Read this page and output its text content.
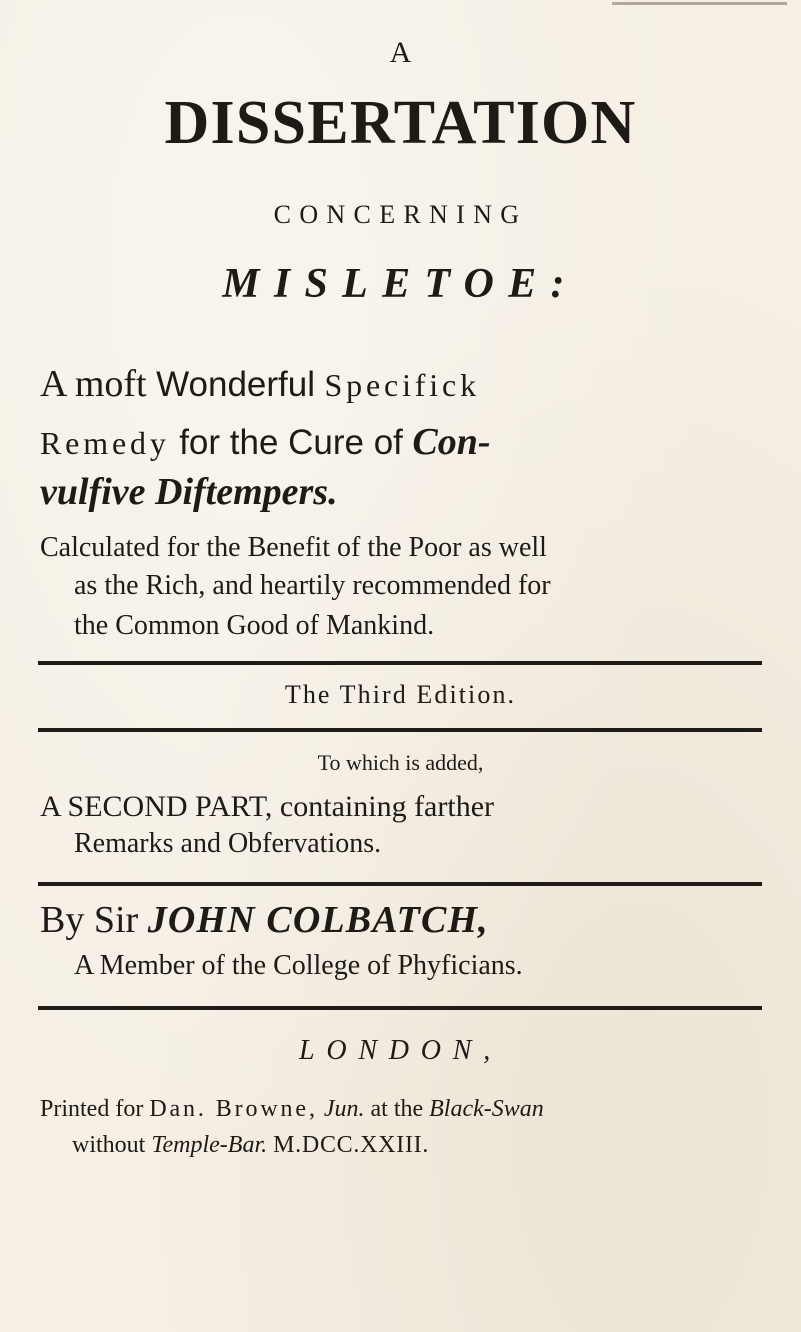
A
DISSERTATION
CONCERNING
MISLETOE:
A moft Wonderful Specifick
Remedy for the Cure of Con-
vulfive Diftempers.
Calculated for the Benefit of the Poor as well
as the Rich, and heartily recommended for
the Common Good of Mankind.
The Third Edition.
To which is added,
A SECOND PART, containing farther
Remarks and Obfervations.
By Sir JOHN COLBATCH,
A Member of the College of Phyficians.
LONDON,
Printed for Dan. Browne, Jun. at the Black-Swan
without Temple-Bar. M.DCC.XXIII.
